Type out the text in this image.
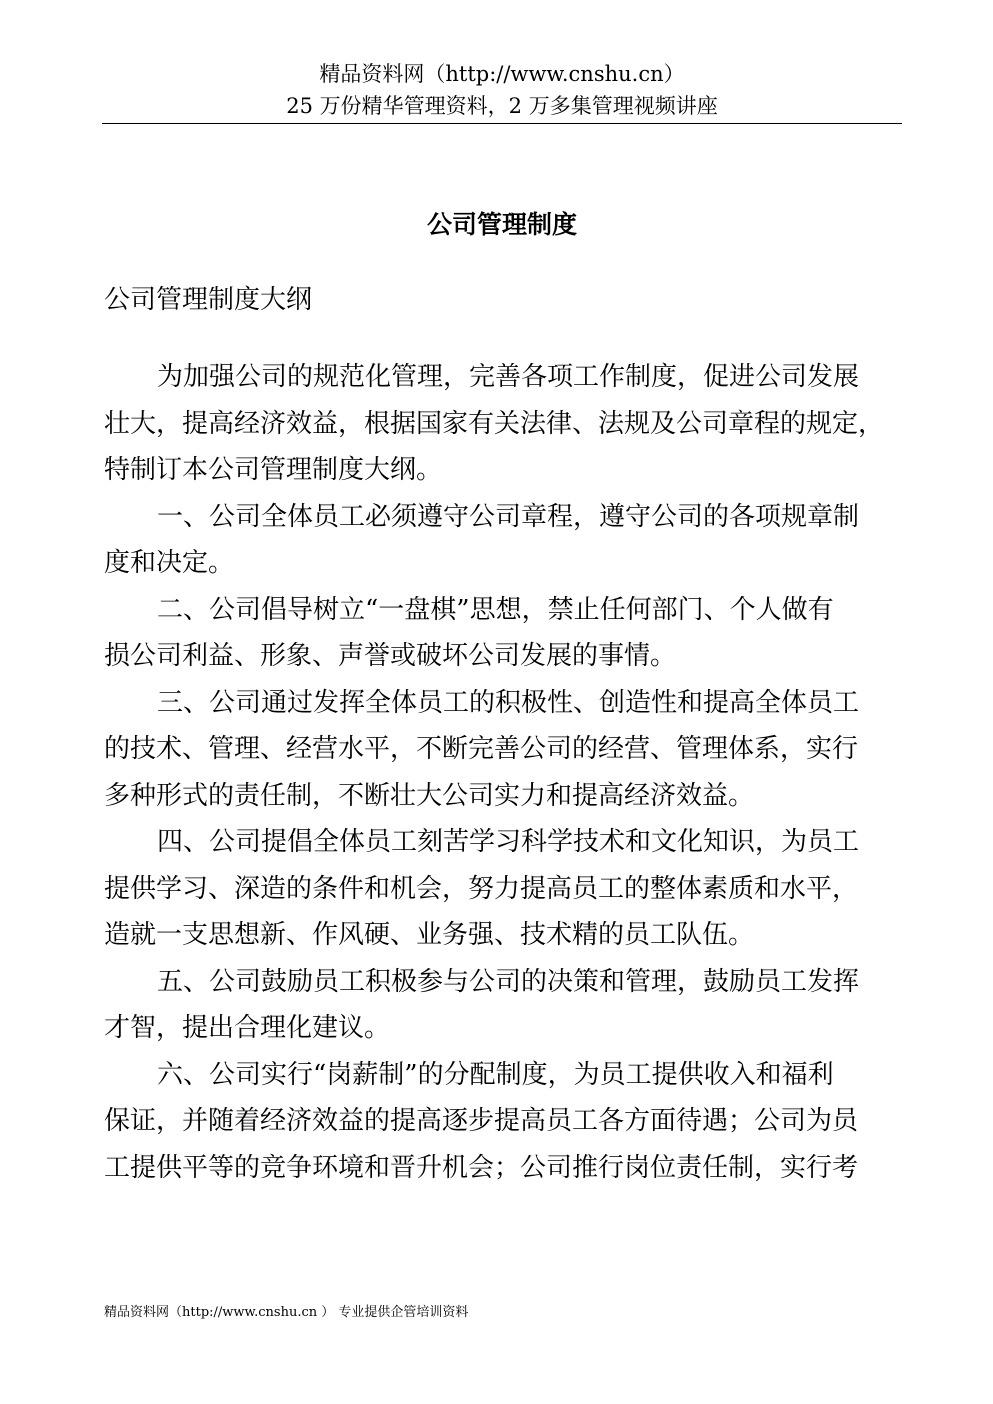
精品资料网（http://www.cnshu.cn）
25 万份精华管理资料，2 万多集管理视频讲座
公司管理制度
公司管理制度大纲
为加强公司的规范化管理，完善各项工作制度，促进公司发展
壮大，提高经济效益，根据国家有关法律、法规及公司章程的规定，
特制订本公司管理制度大纲。
一、公司全体员工必须遵守公司章程，遵守公司的各项规章制
度和决定。
二、公司倡导树立“一盘棋”思想，禁止任何部门、个人做有
损公司利益、形象、声誉或破坏公司发展的事情。
三、公司通过发挥全体员工的积极性、创造性和提高全体员工
的技术、管理、经营水平，不断完善公司的经营、管理体系，实行
多种形式的责任制，不断壮大公司实力和提高经济效益。
四、公司提倡全体员工刻苦学习科学技术和文化知识，为员工
提供学习、深造的条件和机会，努力提高员工的整体素质和水平，
造就一支思想新、作风硬、业务强、技术精的员工队伍。
五、公司鼓励员工积极参与公司的决策和管理，鼓励员工发挥
才智，提出合理化建议。
六、公司实行“岗薪制”的分配制度，为员工提供收入和福利
保证，并随着经济效益的提高逐步提高员工各方面待遇；公司为员
工提供平等的竞争环境和晋升机会；公司推行岗位责任制，实行考
精品资料网（http://www.cnshu.cn ） 专业提供企管培训资料
